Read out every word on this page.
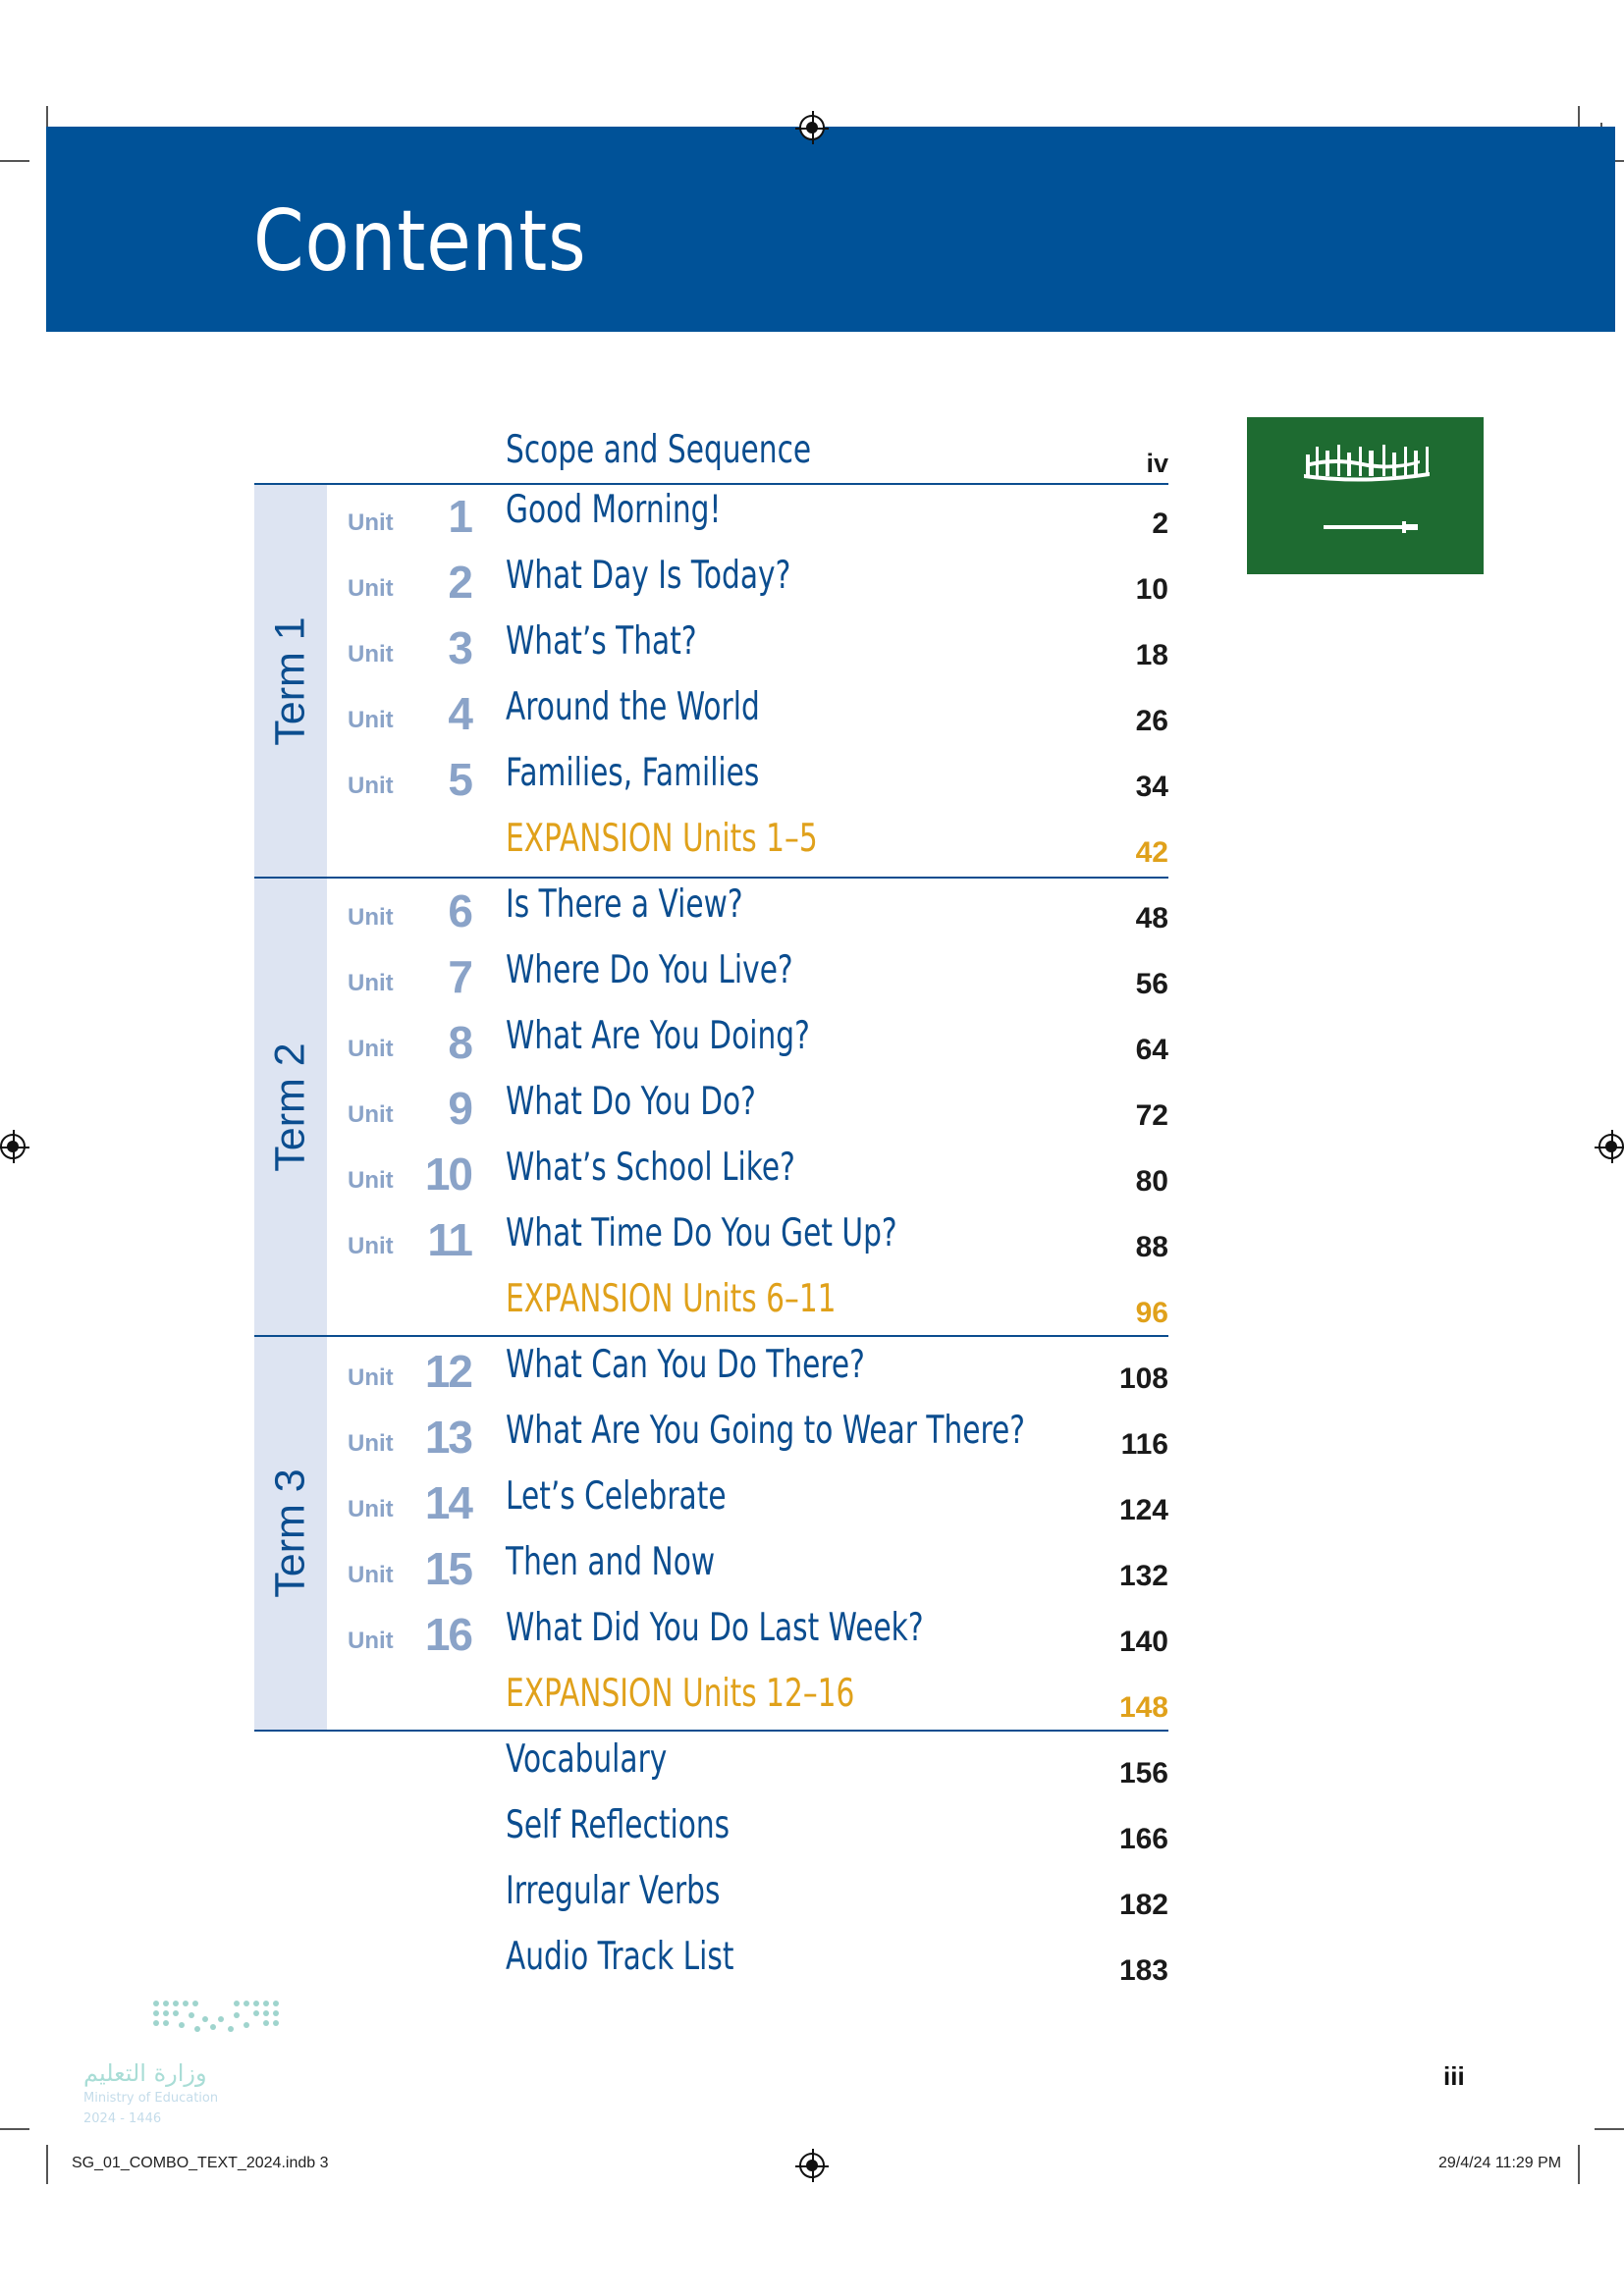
Contents
Term 1
Term 2
Term 3
Scope and Sequence	iv
Unit 1 Good Morning!	2
Unit 2 What Day Is Today?	10
Unit 3 What’s That?	18
Unit 4 Around the World	26
Unit 5 Families, Families	34
EXPANSION Units 1–5	42
Unit 6 Is There a View?	48
Unit 7 Where Do You Live?	56
Unit 8 What Are You Doing?	64
Unit 9 What Do You Do?	72
Unit 10 What’s School Like?	80
Unit 11 What Time Do You Get Up?	88
EXPANSION Units 6–11	96
Unit 12 What Can You Do There?	108
Unit 13 What Are You Going to Wear There?	116
Unit 14 Let’s Celebrate	124
Unit 15 Then and Now	132
Unit 16 What Did You Do Last Week?	140
EXPANSION Units 12–16	148
Vocabulary	156
Self Reflections	166
Irregular Verbs	182
Audio Track List	183
وزارة التعليم
Ministry of Education
2024 - 1446
iii
SG_01_COMBO_TEXT_2024.indb 3	29/4/24 11:29 PM
